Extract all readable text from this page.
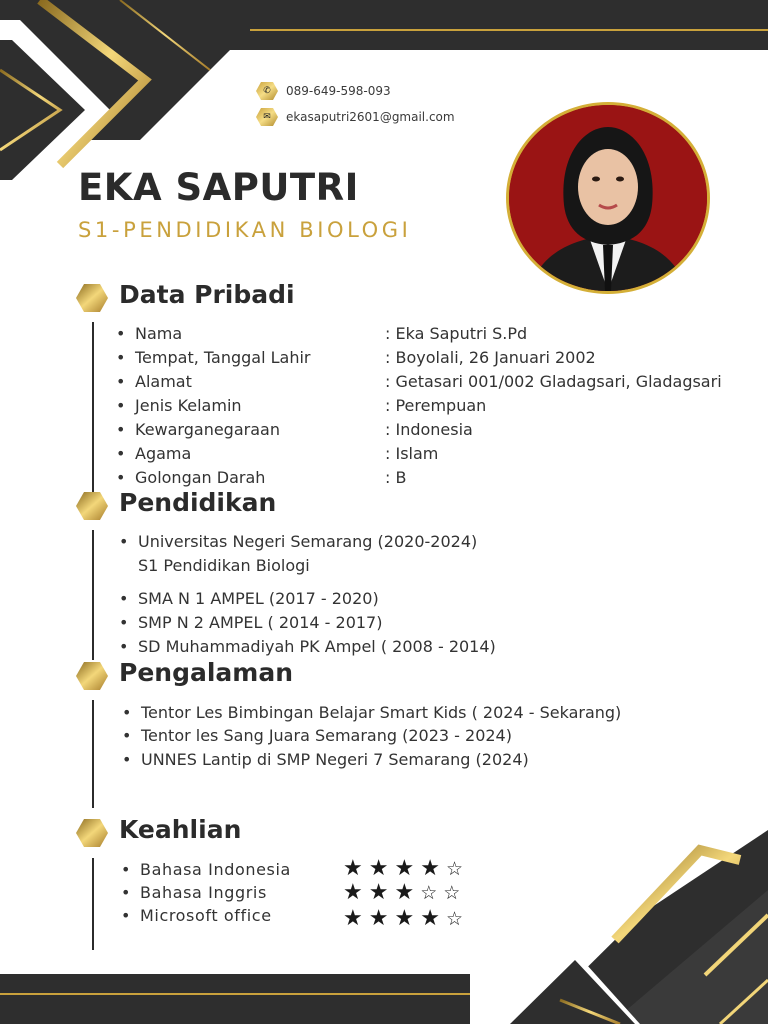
✆	089-649-598-093
✉	ekasaputri2601@gmail.com
EKA SAPUTRI
S1-PENDIDIKAN BIOLOGI
Data Pribadi
• Nama	: Eka Saputri S.Pd
• Tempat, Tanggal Lahir	: Boyolali, 26 Januari 2002
• Alamat	: Getasari 001/002 Gladagsari, Gladagsari
• Jenis Kelamin	: Perempuan
• Kewarganegaraan	: Indonesia
• Agama	: Islam
• Golongan Darah	: B
Pendidikan
• Universitas Negeri Semarang (2020-2024)
S1 Pendidikan Biologi
• SMA N 1 AMPEL (2017 - 2020)
• SMP N 2 AMPEL ( 2014 - 2017)
• SD Muhammadiyah PK Ampel ( 2008 - 2014)
Pengalaman
• Tentor Les Bimbingan Belajar Smart Kids ( 2024 - Sekarang)
• Tentor les Sang Juara Semarang (2023 - 2024)
• UNNES Lantip di SMP Negeri 7 Semarang (2024)
Keahlian
• Bahasa Indonesia ★★★★☆
• Bahasa Inggris	★★★☆☆
• Microsoft office	★★★★☆
